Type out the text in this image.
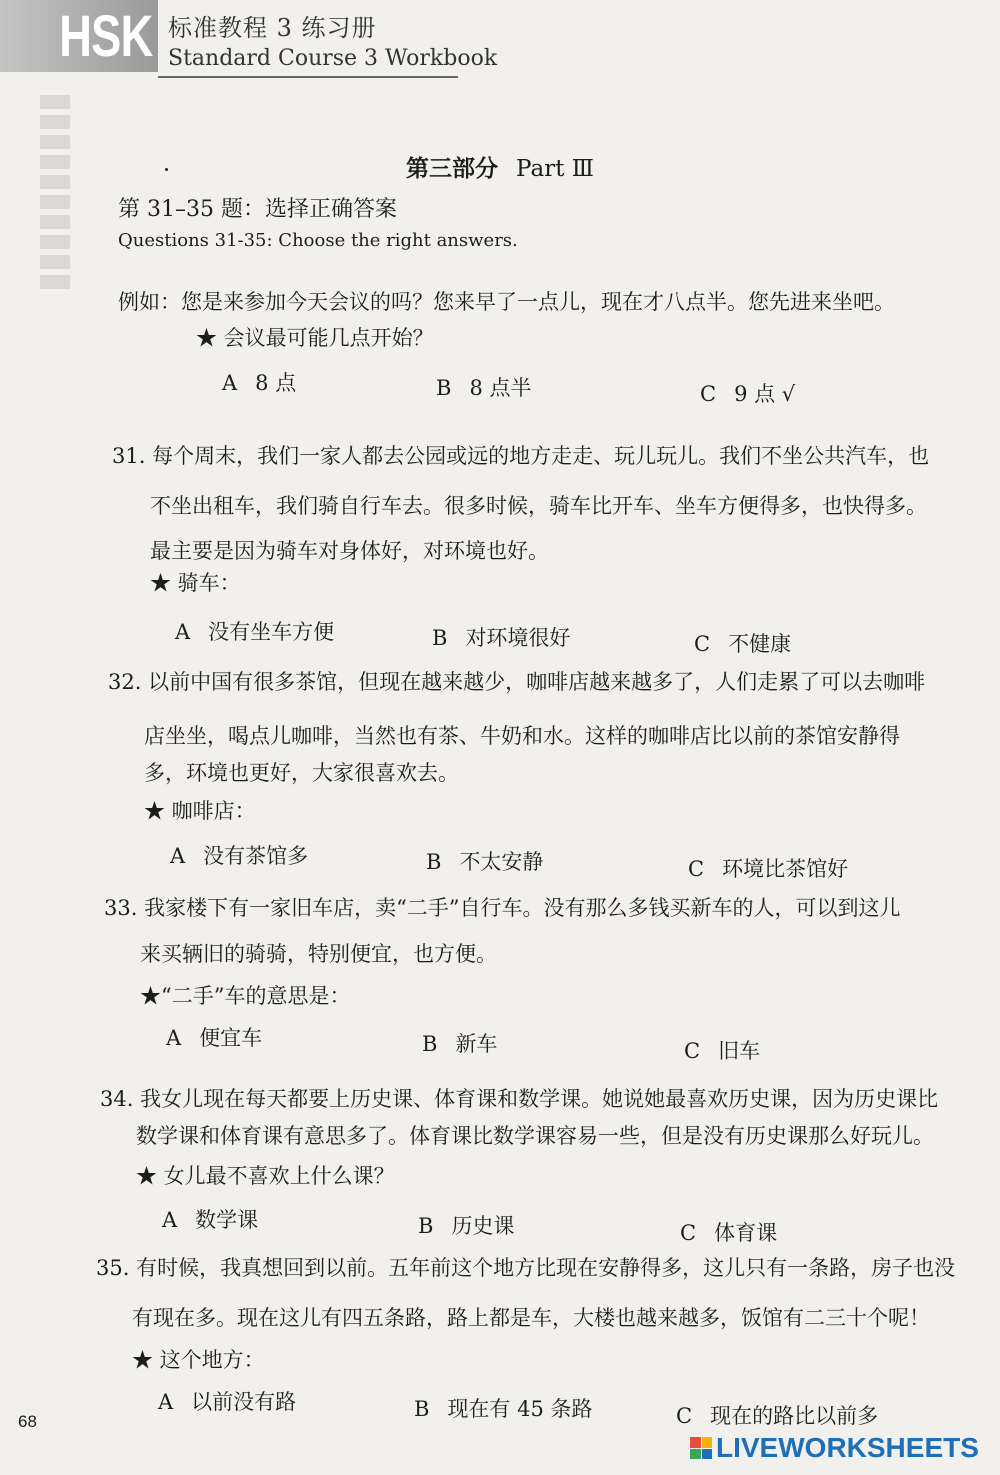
HSK 标准教程 3 练习册
Standard Course 3 Workbook
第三部分 Part Ⅲ
第 31–35 题：选择正确答案
Questions 31-35: Choose the right answers.
例如：您是来参加今天会议的吗？您来早了一点儿，现在才八点半。您先进来坐吧。
★ 会议最可能几点开始？
A 8 点	B 8 点半	C 9 点 √
31. 每个周末，我们一家人都去公园或远的地方走走、玩儿玩儿。我们不坐公共汽车，也
不坐出租车，我们骑自行车去。很多时候，骑车比开车、坐车方便得多，也快得多。
最主要是因为骑车对身体好，对环境也好。
★ 骑车：
A 没有坐车方便	B 对环境很好	C 不健康
32. 以前中国有很多茶馆，但现在越来越少，咖啡店越来越多了，人们走累了可以去咖啡
店坐坐，喝点儿咖啡，当然也有茶、牛奶和水。这样的咖啡店比以前的茶馆安静得
多，环境也更好，大家很喜欢去。
★ 咖啡店：
A 没有茶馆多	B 不太安静	C 环境比茶馆好
33. 我家楼下有一家旧车店，卖“二手”自行车。没有那么多钱买新车的人，可以到这儿
来买辆旧的骑骑，特别便宜，也方便。
★“二手”车的意思是：
A 便宜车	B 新车	C 旧车
34. 我女儿现在每天都要上历史课、体育课和数学课。她说她最喜欢历史课，因为历史课比
数学课和体育课有意思多了。体育课比数学课容易一些，但是没有历史课那么好玩儿。
★ 女儿最不喜欢上什么课？
A 数学课	B 历史课	C 体育课
35. 有时候，我真想回到以前。五年前这个地方比现在安静得多，这儿只有一条路，房子也没
有现在多。现在这儿有四五条路，路上都是车，大楼也越来越多，饭馆有二三十个呢！
★ 这个地方：
A 以前没有路	B 现在有 45 条路	C 现在的路比以前多
68
LIVEWORKSHEETS
